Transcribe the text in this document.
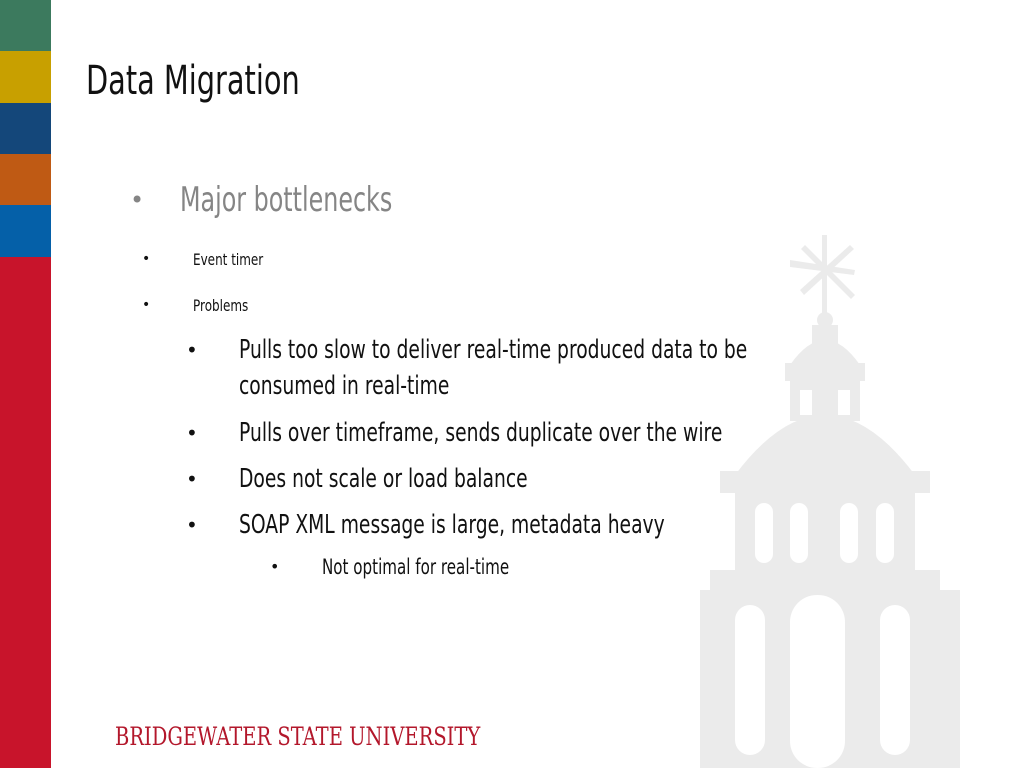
Data Migration
• Major bottlenecks
•	Event timer
•	Problems
• Pulls too slow to deliver real-time produced data to be
consumed in real-time
• Pulls over timeframe, sends duplicate over the wire
• Does not scale or load balance
• SOAP XML message is large, metadata heavy
• Not optimal for real-time

BRIDGEWATER STATE UNIVERSITY
